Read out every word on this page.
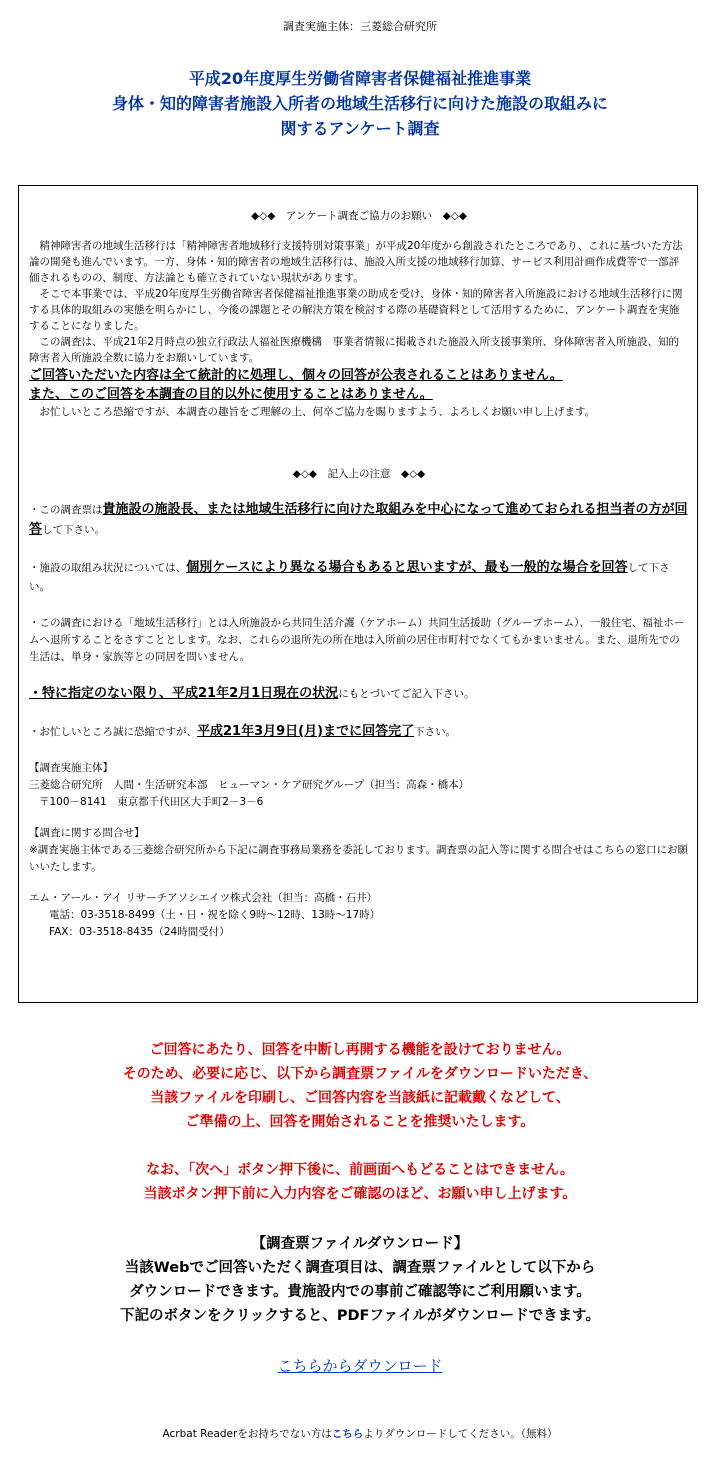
調査実施主体：三菱総合研究所
平成20年度厚生労働省障害者保健福祉推進事業
身体・知的障害者施設入所者の地域生活移行に向けた施設の取組みに
関するアンケート調査
◆◇◆　アンケート調査ご協力のお願い　◆◇◆

　精神障害者の地域生活移行は「精神障害者地域移行支援特別対策事業」が平成20年度から創設されたところであり、これに基づいた方法論の開発も進んでいます。一方、身体・知的障害者の地域生活移行は、施設入所支援の地域移行加算、サービス利用計画作成費等で一部評価されるものの、制度、方法論とも確立されていない現状があります。

　そこで本事業では、平成20年度厚生労働省障害者保健福祉推進事業の助成を受け、身体・知的障害者入所施設における地域生活移行に関する具体的取組みの実態を明らかにし、今後の課題とその解決方策を検討する際の基礎資料として活用するために、アンケート調査を実施することになりました。

　この調査は、平成21年2月時点の独立行政法人福祉医療機構　事業者情報に掲載された施設入所支援事業所、身体障害者入所施設、知的障害者入所施設全数に協力をお願いしています。

ご回答いただいた内容は全て統計的に処理し、個々の回答が公表されることはありません。

また、このご回答を本調査の目的以外に使用することはありません。

　お忙しいところ恐縮ですが、本調査の趣旨をご理解の上、何卒ご協力を賜りますよう、よろしくお願い申し上げます。

◆◇◆　記入上の注意　◆◇◆

・この調査票は貴施設の施設長、または地域生活移行に向けた取組みを中心になって進めておられる担当者の方が回答して下さい。

・施設の取組み状況については、個別ケースにより異なる場合もあると思いますが、最も一般的な場合を回答して下さい。

・この調査における「地域生活移行」とは入所施設から共同生活介護（ケアホーム）共同生活援助（グループホーム）、一般住宅、福祉ホームへ退所することをさすこととします。なお、これらの退所先の所在地は入所前の居住市町村でなくてもかまいません。また、退所先での生活は、単身・家族等との同居を問いません。

・特に指定のない限り、平成21年2月1日現在の状況にもとづいてご記入下さい。

・お忙しいところ誠に恐縮ですが、平成21年3月9日(月)までに回答完了下さい。

【調査実施主体】
三菱総合研究所　人間・生活研究本部　ヒューマン・ケア研究グループ（担当：高森・橋本）
〒100－8141　東京都千代田区大手町2－3－6
【調査に関する問合せ】
※調査実施主体である三菱総合研究所から下記に調査事務局業務を委託しております。調査票の記入等に関する問合せはこちらの窓口にお願いいたします。
エム・アール・アイ リサーチアソシエイツ株式会社（担当：高橋・石井）
電話：03-3518-8499（土・日・祝を除く9時～12時、13時～17時）
FAX：03-3518-8435（24時間受付）
ご回答にあたり、回答を中断し再開する機能を設けておりません。
そのため、必要に応じ、以下から調査票ファイルをダウンロードいただき、
当該ファイルを印刷し、ご回答内容を当該紙に記載戴くなどして、
ご準備の上、回答を開始されることを推奨いたします。
なお、「次へ」ボタン押下後に、前画面へもどることはできません。
当該ボタン押下前に入力内容をご確認のほど、お願い申し上げます。
【調査票ファイルダウンロード】
当該Webでご回答いただく調査項目は、調査票ファイルとして以下から
ダウンロードできます。貴施設内での事前ご確認等にご利用願います。
下記のボタンをクリックすると、PDFファイルがダウンロードできます。
こちらからダウンロード
Acrbat Readerをお持ちでない方はこちらよりダウンロードしてください。（無料）
